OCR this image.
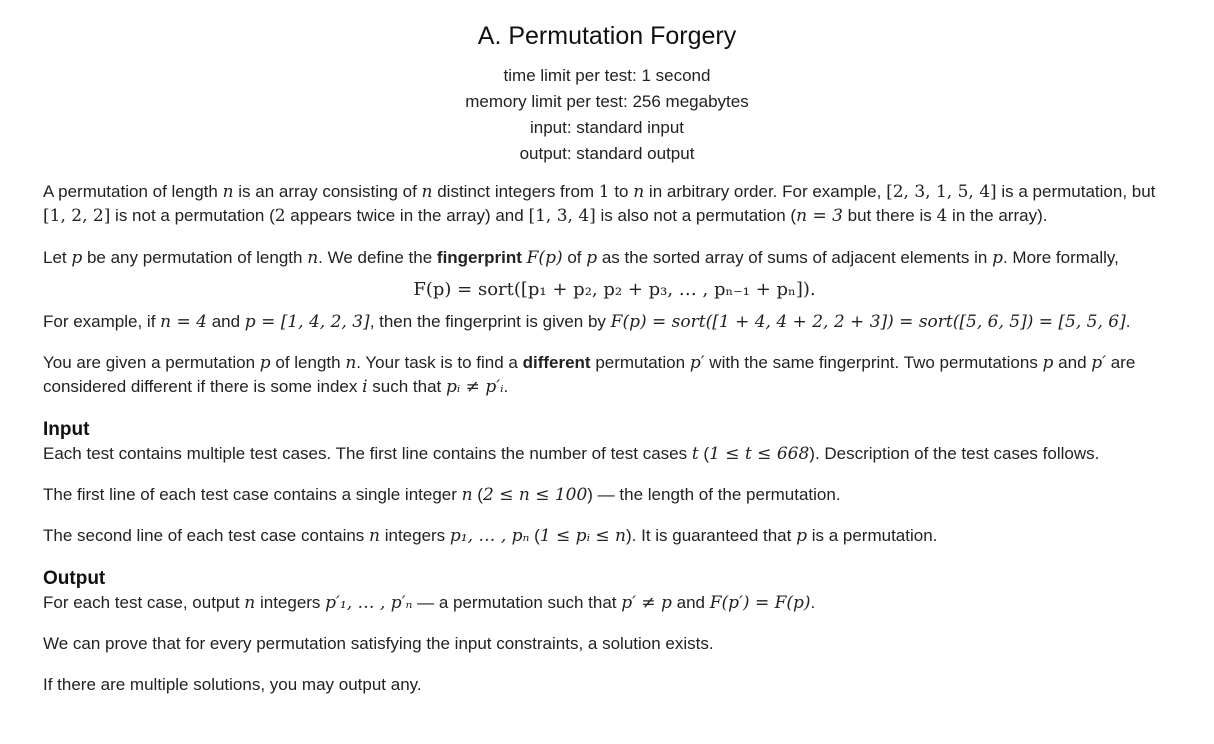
A. Permutation Forgery
time limit per test: 1 second
memory limit per test: 256 megabytes
input: standard input
output: standard output

A permutation of length n is an array consisting of n distinct integers from 1 to n in arbitrary order. For example, [2, 3, 1, 5, 4] is a permutation, but
[1, 2, 2] is not a permutation (2 appears twice in the array) and [1, 3, 4] is also not a permutation (n = 3 but there is 4 in the array).

Let p be any permutation of length n. We define the fingerprint F(p) of p as the sorted array of sums of adjacent elements in p. More formally,

F(p) = sort([p₁ + p₂, p₂ + p₃, … , pₙ₋₁ + pₙ]).

For example, if n = 4 and p = [1, 4, 2, 3], then the fingerprint is given by F(p) = sort([1 + 4, 4 + 2, 2 + 3]) = sort([5, 6, 5]) = [5, 5, 6].

You are given a permutation p of length n. Your task is to find a different permutation p′ with the same fingerprint. Two permutations p and p′ are considered different if there is some index i such that pᵢ ≠ p′ᵢ.

Input

Each test contains multiple test cases. The first line contains the number of test cases t (1 ≤ t ≤ 668). Description of the test cases follows.

The first line of each test case contains a single integer n (2 ≤ n ≤ 100) — the length of the permutation.

The second line of each test case contains n integers p₁, … , pₙ (1 ≤ pᵢ ≤ n). It is guaranteed that p is a permutation.

Output

For each test case, output n integers p′₁, … , p′ₙ — a permutation such that p′ ≠ p and F(p′) = F(p).

We can prove that for every permutation satisfying the input constraints, a solution exists.

If there are multiple solutions, you may output any.
